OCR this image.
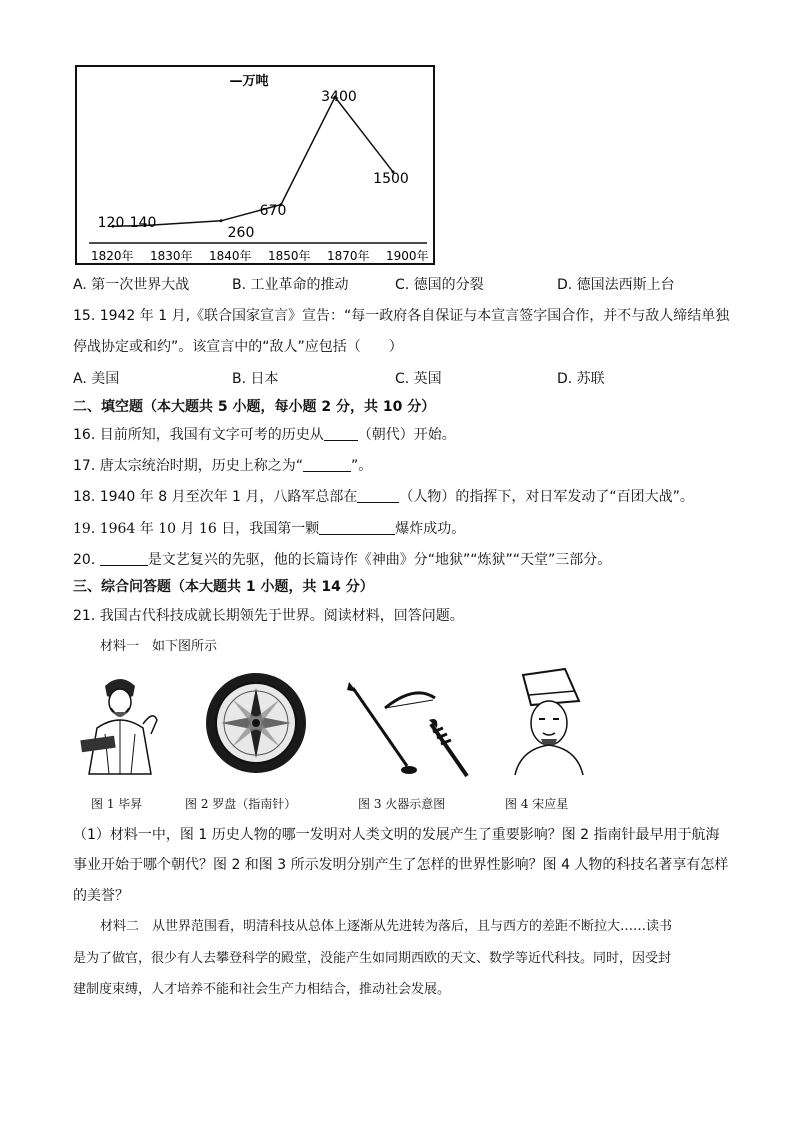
—万吨
120 140
260
670
3400
1500
1820年 1830年 1840年 1850年 1870年 1900年
A. 第一次世界大战	B. 工业革命的推动	C. 德国的分裂	D. 德国法西斯上台
15. 1942 年 1 月,《联合国家宣言》宣告：“每一政府各自保证与本宣言签字国合作，并不与敌人缔结单独
停战协定或和约”。该宣言中的“敌人”应包括（　　）
A. 美国	B. 日本	C. 英国	D. 苏联
二、填空题（本大题共 5 小题，每小题 2 分，共 10 分）
16. 目前所知，我国有文字可考的历史从 （朝代）开始。
17. 唐太宗统治时期，历史上称之为“	”。
18. 1940 年 8 月至次年 1 月，八路军总部在	（人物）的指挥下，对日军发动了“百团大战”。
19. 1964 年 10 月 16 日，我国第一颗	爆炸成功。
20.	是文艺复兴的先驱，他的长篇诗作《神曲》分“地狱”“炼狱”“天堂”三部分。
三、综合问答题（本大题共 1 小题，共 14 分）
21. 我国古代科技成就长期领先于世界。阅读材料，回答问题。
材料一　如下图所示
图 1 毕昇	图 2 罗盘（指南针）	图 3 火器示意图	图 4 宋应星
（1）材料一中，图 1 历史人物的哪一发明对人类文明的发展产生了重要影响？图 2 指南针最早用于航海
事业开始于哪个朝代？图 2 和图 3 所示发明分别产生了怎样的世界性影响？图 4 人物的科技名著享有怎样
的美誉？
材料二　从世界范围看，明清科技从总体上逐渐从先进转为落后，且与西方的差距不断拉大……读书
是为了做官，很少有人去攀登科学的殿堂，没能产生如同期西欧的天文、数学等近代科技。同时，因受封
建制度束缚，人才培养不能和社会生产力相结合，推动社会发展。
